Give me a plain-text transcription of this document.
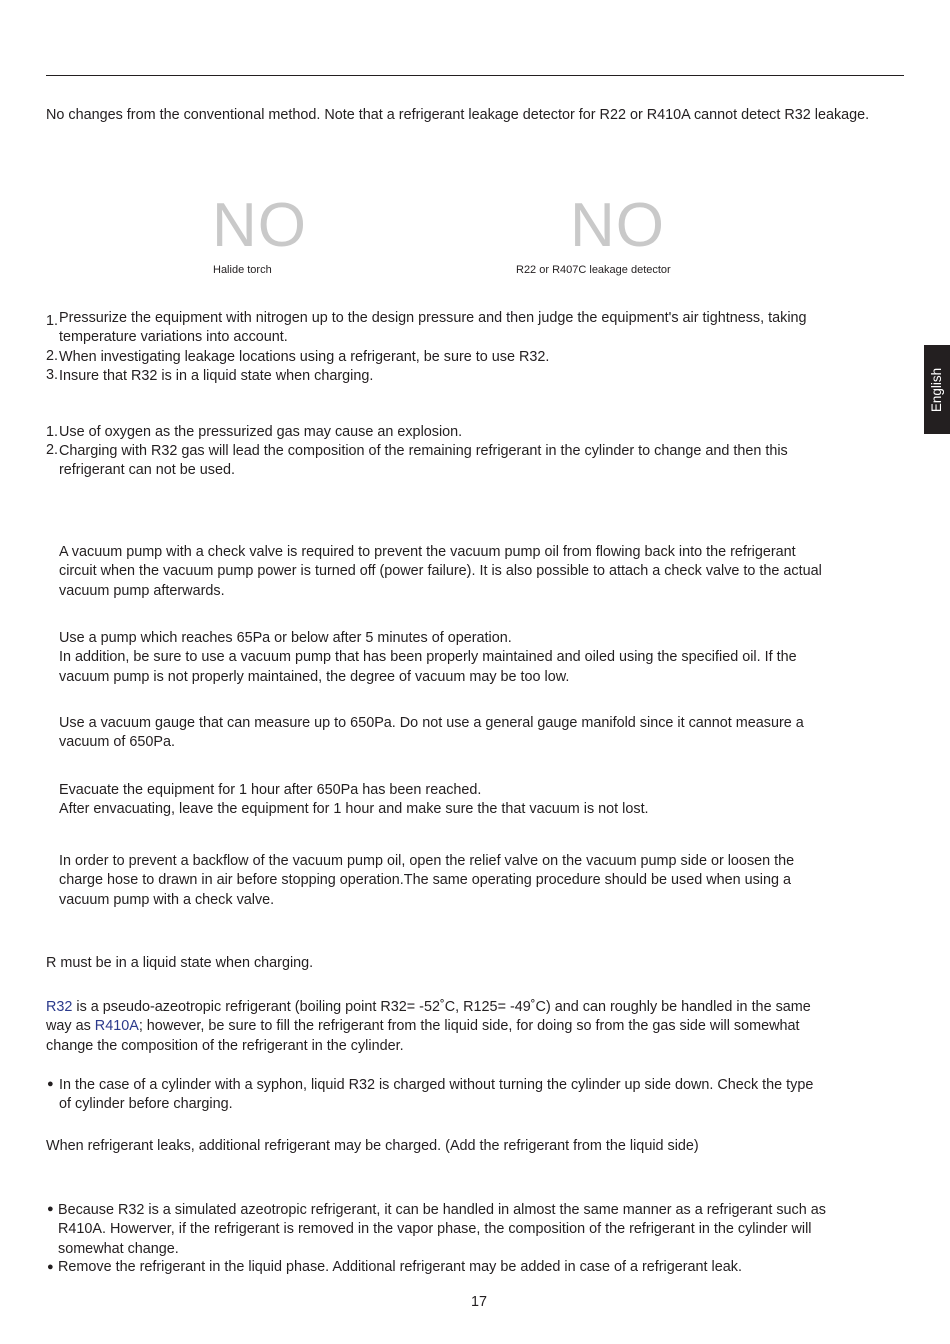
No changes from the conventional method. Note that a refrigerant leakage detector for R22 or R410A cannot detect R32 leakage.
NO
Halide torch
NO
R22 or R407C leakage detector
1. Pressurize the equipment with nitrogen up to the design pressure and then judge the equipment's air tightness, taking
temperature variations into account.
2. When investigating leakage locations using a refrigerant, be sure to use R32.
3. Insure that R32 is in a liquid state when charging.
1. Use of oxygen as the pressurized gas may cause an explosion.
2. Charging with R32 gas will lead the composition of the remaining refrigerant in the cylinder to change and then this
refrigerant can not be used.
A vacuum pump with a check valve is required to prevent the vacuum pump oil from flowing back into the refrigerant
circuit when the vacuum pump power is turned off (power failure). It is also possible to attach a check valve to the actual
vacuum pump afterwards.
Use a pump which reaches 65Pa or below after 5 minutes of operation.
In addition, be sure to use a vacuum pump that has been properly maintained and oiled using the specified oil. If the
vacuum pump is not properly maintained, the degree of vacuum may be too low.
Use a vacuum gauge that can measure up to 650Pa. Do not use a general gauge manifold since it cannot measure a
vacuum of 650Pa.
Evacuate the equipment for 1 hour after 650Pa has been reached.
After envacuating, leave the equipment for 1 hour and make sure the that vacuum is not lost.
In order to prevent a backflow of the vacuum pump oil, open the relief valve on the vacuum pump side or loosen the
charge hose to drawn in air before stopping operation.The same operating procedure should be used when using a
vacuum pump with a check valve.
R must be in a liquid state when charging.
R32 is a pseudo-azeotropic refrigerant (boiling point R32= -52˚C, R125= -49˚C) and can roughly be handled in the same
way as R410A; however, be sure to fill the refrigerant from the liquid side, for doing so from the gas side will somewhat
change the composition of the refrigerant in the cylinder.
● In the case of a cylinder with a syphon, liquid R32 is charged without turning the cylinder up side down. Check the type
of cylinder before charging.
When refrigerant leaks, additional refrigerant may be charged. (Add the refrigerant from the liquid side)
● Because R32 is a simulated azeotropic refrigerant, it can be handled in almost the same manner as a refrigerant such as
R410A. Howerver, if the refrigerant is removed in the vapor phase, the composition of the refrigerant in the cylinder will
somewhat change.
● Remove the refrigerant in the liquid phase. Additional refrigerant may be added in case of a refrigerant leak.
English
17
